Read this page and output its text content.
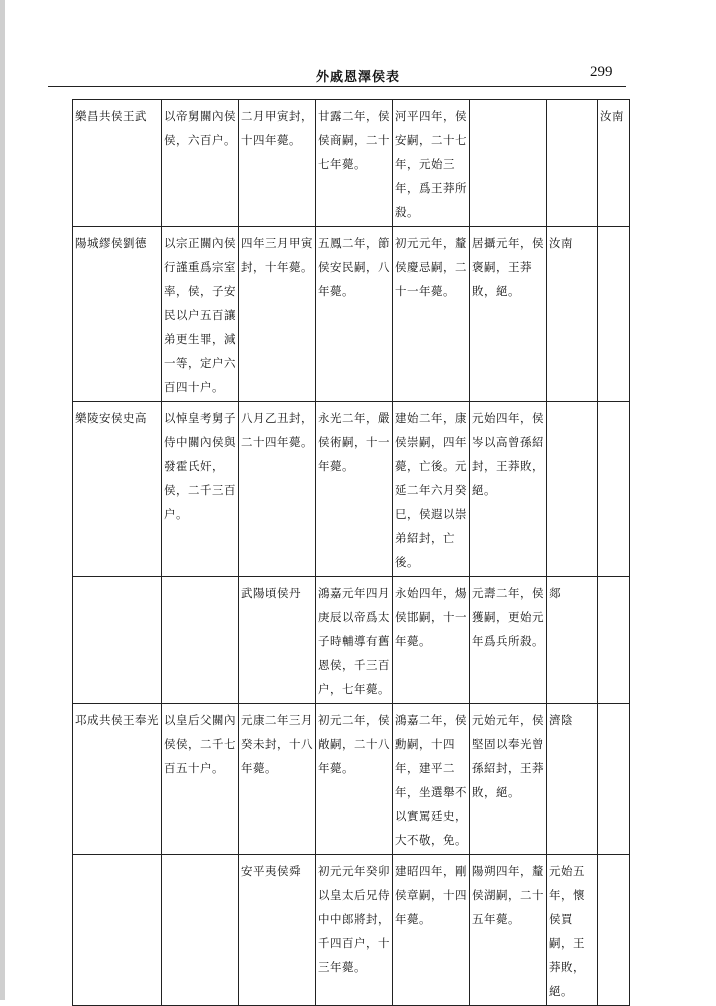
外戚恩澤侯表	299
樂昌共侯王武	以帝舅關內侯侯，六百户。	二月甲寅封，十四年薨。	甘露二年，侯侯商嗣，二十七年薨。	河平四年，侯安嗣，二十七年，元始三年，爲王莽所殺。			汝南

陽城繆侯劉德	以宗正關內侯行謹重爲宗室率，侯，子安民以户五百讓弟更生罪，減一等，定户六百四十户。	四年三月甲寅封，十年薨。	五鳳二年，節侯安民嗣，八年薨。	初元元年，釐侯慶忌嗣，二十一年薨。	居攝元年，侯褒嗣，王莽敗，絕。	汝南	

樂陵安侯史高	以悼皇考舅子侍中關內侯與發霍氏奸，侯，二千三百户。	八月乙丑封，二十四年薨。	永光二年，嚴侯術嗣，十一年薨。	建始二年，康侯崇嗣，四年薨，亡後。元延二年六月癸巳，侯遐以崇弟紹封，亡後。	元始四年，侯岑以高曾孫紹封，王莽敗，絕。		

		武陽頃侯丹	鴻嘉元年四月庚辰以帝爲太子時輔導有舊恩侯，千三百户，七年薨。	永始四年，煬侯邯嗣，十一年薨。	元壽二年，侯獲嗣，更始元年爲兵所殺。	郯	

邛成共侯王奉光	以皇后父關內侯侯，二千七百五十户。	元康二年三月癸未封，十八年薨。	初元二年，侯敞嗣，二十八年薨。	鴻嘉二年，侯勳嗣，十四年，建平二年，坐選舉不以實罵廷史，大不敬，免。	元始元年，侯堅固以奉光曾孫紹封，王莽敗，絕。	濟陰	

		安平夷侯舜	初元元年癸卯以皇太后兄侍中中郎將封，千四百户，十三年薨。	建昭四年，剛侯章嗣，十四年薨。	陽朔四年，釐侯湖嗣，二十五年薨。	元始五年，懷侯買嗣，王莽敗，絕。	
